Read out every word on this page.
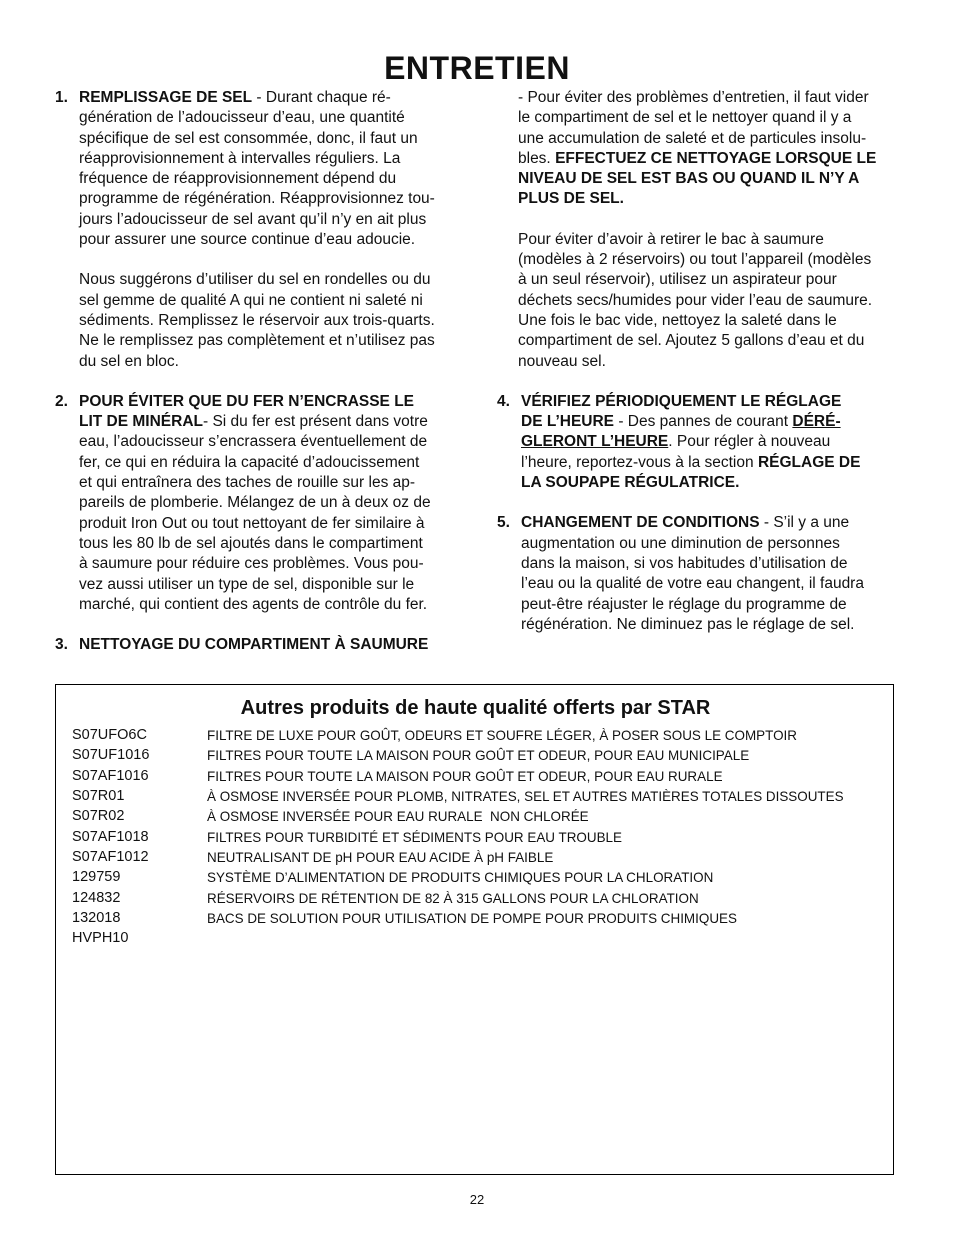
ENTRETIEN
1. REMPLISSAGE DE SEL - Durant chaque ré-
génération de l’adoucisseur d’eau, une quantité
spécifique de sel est consommée, donc, il faut un
réapprovisionnement à intervalles réguliers. La
fréquence de réapprovisionnement dépend du
programme de régénération. Réapprovisionnez tou-
jours l’adoucisseur de sel avant qu’il n’y en ait plus
pour assurer une source continue d’eau adoucie.
Nous suggérons d’utiliser du sel en rondelles ou du
sel gemme de qualité A qui ne contient ni saleté ni
sédiments. Remplissez le réservoir aux trois-quarts.
Ne le remplissez pas complètement et n’utilisez pas
du sel en bloc.
2. POUR ÉVITER QUE DU FER N’ENCRASSE LE
LIT DE MINÉRAL- Si du fer est présent dans votre
eau, l’adoucisseur s’encrassera éventuellement de
fer, ce qui en réduira la capacité d’adoucissement
et qui entraînera des taches de rouille sur les ap-
pareils de plomberie. Mélangez de un à deux oz de
produit Iron Out ou tout nettoyant de fer similaire à
tous les 80 lb de sel ajoutés dans le compartiment
à saumure pour réduire ces problèmes. Vous pou-
vez aussi utiliser un type de sel, disponible sur le
marché, qui contient des agents de contrôle du fer.
3. NETTOYAGE DU COMPARTIMENT À SAUMURE
- Pour éviter des problèmes d’entretien, il faut vider
le compartiment de sel et le nettoyer quand il y a
une accumulation de saleté et de particules insolu-
bles. EFFECTUEZ CE NETTOYAGE LORSQUE LE
NIVEAU DE SEL EST BAS OU QUAND IL N’Y A
PLUS DE SEL.
Pour éviter d’avoir à retirer le bac à saumure
(modèles à 2 réservoirs) ou tout l’appareil (modèles
à un seul réservoir), utilisez un aspirateur pour
déchets secs/humides pour vider l’eau de saumure.
Une fois le bac vide, nettoyez la saleté dans le
compartiment de sel. Ajoutez 5 gallons d’eau et du
nouveau sel.
4. VÉRIFIEZ PÉRIODIQUEMENT LE RÉGLAGE
DE L’HEURE - Des pannes de courant DÉRÉ-
GLERONT L’HEURE. Pour régler à nouveau
l’heure, reportez-vous à la section RÉGLAGE DE
LA SOUPAPE RÉGULATRICE.
5. CHANGEMENT DE CONDITIONS - S’il y a une
augmentation ou une diminution de personnes
dans la maison, si vos habitudes d’utilisation de
l’eau ou la qualité de votre eau changent, il faudra
peut-être réajuster le réglage du programme de
régénération. Ne diminuez pas le réglage de sel.
Autres produits de haute qualité offerts par STAR
S07UFO6C	FILTRE DE LUXE POUR GOÛT, ODEURS ET SOUFRE LÉGER, À POSER SOUS LE COMPTOIR
S07UF1016	FILTRES POUR TOUTE LA MAISON POUR GOÛT ET ODEUR, POUR EAU MUNICIPALE
S07AF1016	FILTRES POUR TOUTE LA MAISON POUR GOÛT ET ODEUR, POUR EAU RURALE
S07R01	À OSMOSE INVERSÉE POUR PLOMB, NITRATES, SEL ET AUTRES MATIÈRES TOTALES DISSOUTES
S07R02	À OSMOSE INVERSÉE POUR EAU RURALE  NON CHLORÉE
S07AF1018	FILTRES POUR TURBIDITÉ ET SÉDIMENTS POUR EAU TROUBLE
S07AF1012	NEUTRALISANT DE pH POUR EAU ACIDE À pH FAIBLE
129759	SYSTÈME D’ALIMENTATION DE PRODUITS CHIMIQUES POUR LA CHLORATION
124832	RÉSERVOIRS DE RÉTENTION DE 82 À 315 GALLONS POUR LA CHLORATION
132018	BACS DE SOLUTION POUR UTILISATION DE POMPE POUR PRODUITS CHIMIQUES
HVPH10
22
